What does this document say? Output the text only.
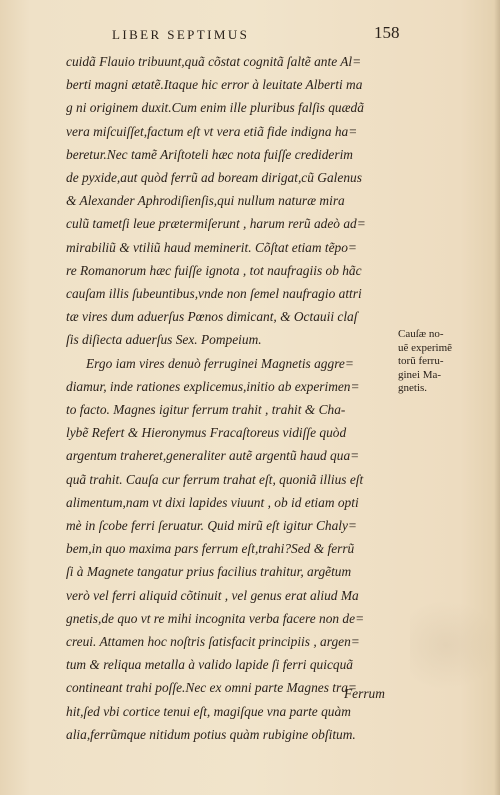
LIBER SEPTIMUS	158
cuidã Flauio tribuunt,quã cõstat cognitã ſaltẽ ante Al=
berti magni ætatẽ.Itaque hic error à leuitate Alberti ma
g ni originem duxit.Cum enim ille pluribus falſis quædã
vera miſcuiſſet,factum eſt vt vera etiã fide indigna ha=
beretur.Nec tamẽ Ariſtoteli hæc nota fuiſſe crediderim
de pyxide,aut quòd ferrũ ad boream dirigat,cũ Galenus
& Alexander Aphrodiſienſis,qui nullum naturæ mira
culũ tametſi leue prætermiſerunt , harum rerũ adeò ad=
mirabiliũ & vtiliũ haud meminerit. Cõſtat etiam tẽpo=
re Romanorum hæc fuiſſe ignota , tot naufragiis ob hãc
cauſam illis ſubeuntibus,vnde non ſemel naufragio attri
tæ vires dum aduerſus Pœnos dimicant, & Octauii claſ
ſis diſiecta aduerſus Sex. Pompeium.
Ergo iam vires denuò ferruginei Magnetis aggre=
diamur, inde rationes explicemus,initio ab experimen=
to facto. Magnes igitur ferrum trahit , trahit & Cha-
lybẽ Refert & Hieronymus Fracaſtoreus vidiſſe quòd
argentum traheret,generaliter autẽ argentũ haud qua=
quã trahit. Cauſa cur ferrum trahat eſt, quoniã illius eſt
alimentum,nam vt dixi lapides viuunt , ob id etiam opti
mè in ſcobe ferri ſeruatur. Quid mirũ eſt igitur Chaly=
bem,in quo maxima pars ferrum eſt,trahi?Sed & ferrũ
ſi à Magnete tangatur prius facilius trahitur, argẽtum
verò vel ferri aliquid cõtinuit , vel genus erat aliud Ma
gnetis,de quo vt re mihi incognita verba facere non de=
creui. Attamen hoc noſtris ſatisfacit principiis , argen=
tum & reliqua metalla à valido lapide ſi ferri quicquã
contineant trahi poſſe.Nec ex omni parte Magnes tra=
hit,ſed vbi cortice tenui eſt, magiſque vna parte quàm
alia,ferrũmque nitidum potius quàm rubigine obſitum.
Cauſæ no-
uẽ experimẽ
torũ ferru-
ginei Ma-
gnetis.
Ferrum
